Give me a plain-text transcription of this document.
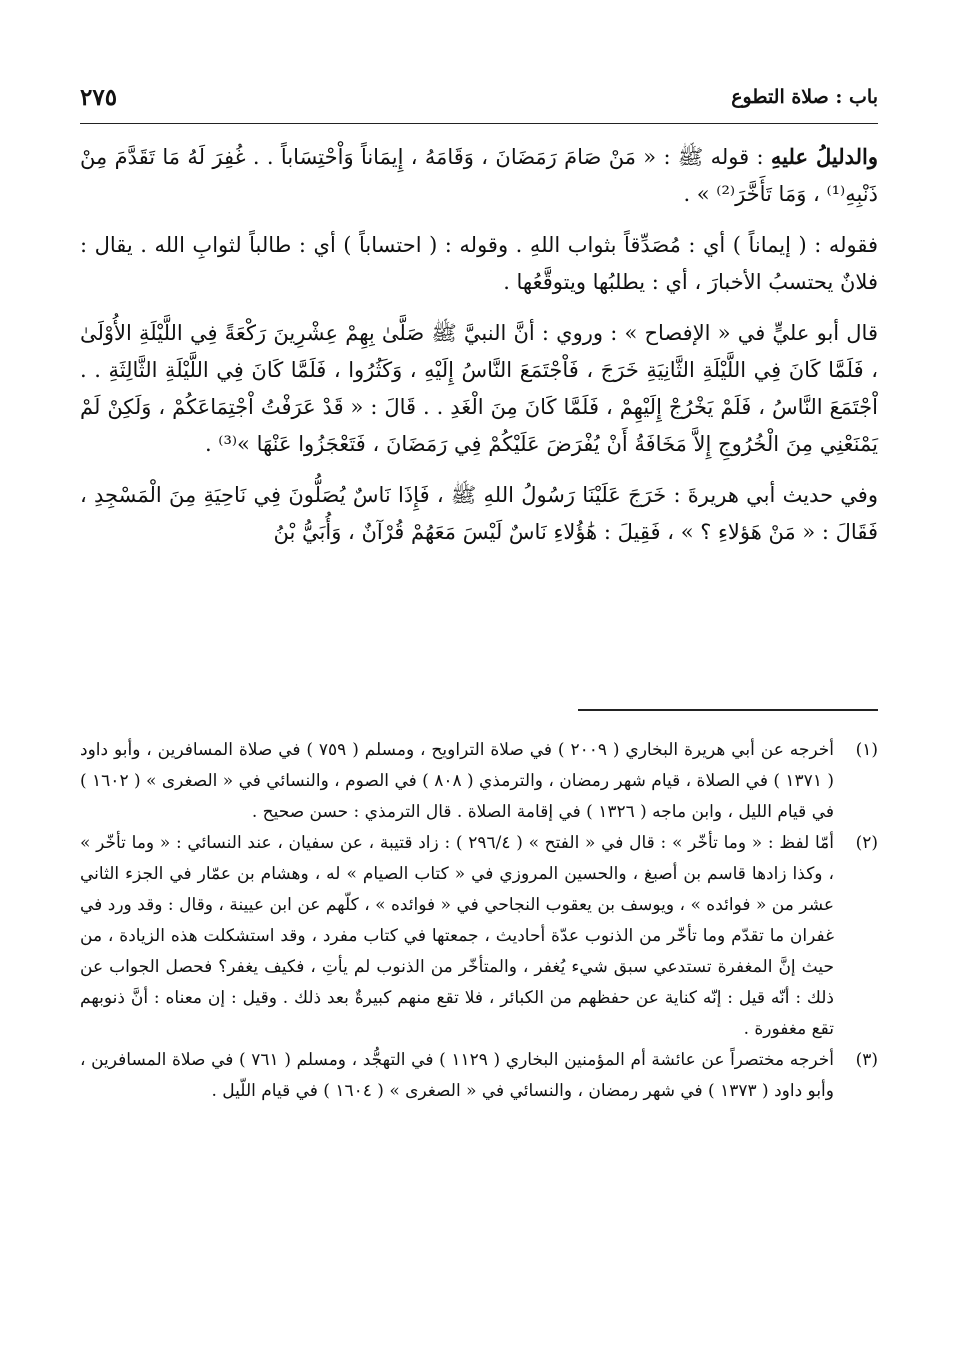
باب : صلاة التطوع
٢٧٥

والدليلُ عليهِ : قوله ﷺ : « مَنْ صَامَ رَمَضَانَ ، وَقَامَهُ ، إِيمَاناً وَاْحْتِسَاباً . . غُفِرَ لَهُ مَا تَقَدَّمَ مِنْ ذَنْبِهِ⁽¹⁾ ، وَمَا تَأَخَّرَ⁽²⁾ » .

فقوله : ( إيماناً ) أي : مُصَدِّقاً بثواب اللهِ . وقوله : ( احتساباً ) أي : طالباً لثوابِ الله . يقال : فلانٌ يحتسبُ الأخبارَ ، أي : يطلبُها ويتوقَّعُها .

قال أبو عليٍّ في « الإفصاح » : وروي : أنَّ النبيَّ ﷺ صَلَّىٰ بِهِمْ عِشْرِينَ رَكْعَةً فِي اللَّيْلَةِ الأُوْلَىٰ ، فَلَمَّا كَانَ فِي اللَّيْلَةِ الثَّانِيَةِ خَرَجَ ، فَاْجْتَمَعَ النَّاسُ إِلَيْهِ ، وَكَثُرُوا ، فَلَمَّا كَانَ فِي اللَّيْلَةِ الثَّالِثَةِ . . اْجْتَمَعَ النَّاسُ ، فَلَمْ يَخْرُجْ إِلَيْهِمْ ، فَلَمَّا كَانَ مِنَ الْغَدِ . . قَالَ : « قَدْ عَرَفْتُ اْجْتِمَاعَكُمْ ، وَلَكِنْ لَمْ يَمْنَعْنِي مِنَ الْخُرُوجِ إِلاَّ مَخَافَةُ أَنْ يُفْرَضَ عَلَيْكُمْ فِي رَمَضَانَ ، فَتَعْجَزُوا عَنْهَا »⁽³⁾ .

وفي حديث أبي هريرةَ : خَرَجَ عَلَيْنَا رَسُولُ اللهِ ﷺ ، فَإِذَا نَاسٌ يُصَلُّونَ فِي نَاحِيَةِ مِنَ الْمَسْجِدِ ، فَقَالَ : « مَنْ هَؤلاءِ ؟ » ، فَقِيلَ : هَٰؤُلاءِ نَاسٌ لَيْسَ مَعَهُمْ قُرْآنٌ ، وَأُبَيُّ بْنُ

(١)
أخرجه عن أبي هريرة البخاري ( ٢٠٠٩ ) في صلاة التراويح ، ومسلم ( ٧٥٩ ) في صلاة المسافرين ، وأبو داود ( ١٣٧١ ) في الصلاة ، قيام شهر رمضان ، والترمذي ( ٨٠٨ ) في الصوم ، والنسائي في « الصغرى » ( ١٦٠٢ ) في قيام الليل ، وابن ماجه ( ١٣٢٦ ) في إقامة الصلاة . قال الترمذي : حسن صحيح .
(٢)
أمّا لفظ : « وما تأخّر » : قال في « الفتح » ( ٢٩٦/٤ ) : زاد قتيبة ، عن سفيان ، عند النسائي : « وما تأخّر » ، وكذا زادها قاسم بن أصبغ ، والحسين المروزي في « كتاب الصيام » له ، وهشام بن عمّار في الجزء الثاني عشر من « فوائده » ، ويوسف بن يعقوب النجاحي في « فوائده » ، كلّهم عن ابن عيينة ، وقال : وقد ورد في غفران ما تقدّم وما تأخّر من الذنوب عدّة أحاديث ، جمعتها في كتاب مفرد ، وقد استشكلت هذه الزيادة ، من حيث إنَّ المغفرة تستدعي سبق شيء يُغفر ، والمتأخّر من الذنوب لم يأتِ ، فكيف يغفر؟ فحصل الجواب عن ذلك : أنّه قيل : إنّه كناية عن حفظهم من الكبائر ، فلا تقع منهم كبيرةٌ بعد ذلك . وقيل : إن معناه : أنَّ ذنوبهم تقع مغفورة .
(٣)
أخرجه مختصراً عن عائشة أم المؤمنين البخاري ( ١١٢٩ ) في التهجُّد ، ومسلم ( ٧٦١ ) في صلاة المسافرين ، وأبو داود ( ١٣٧٣ ) في شهر رمضان ، والنسائي في « الصغرى » ( ١٦٠٤ ) في قيام اللّيل .
